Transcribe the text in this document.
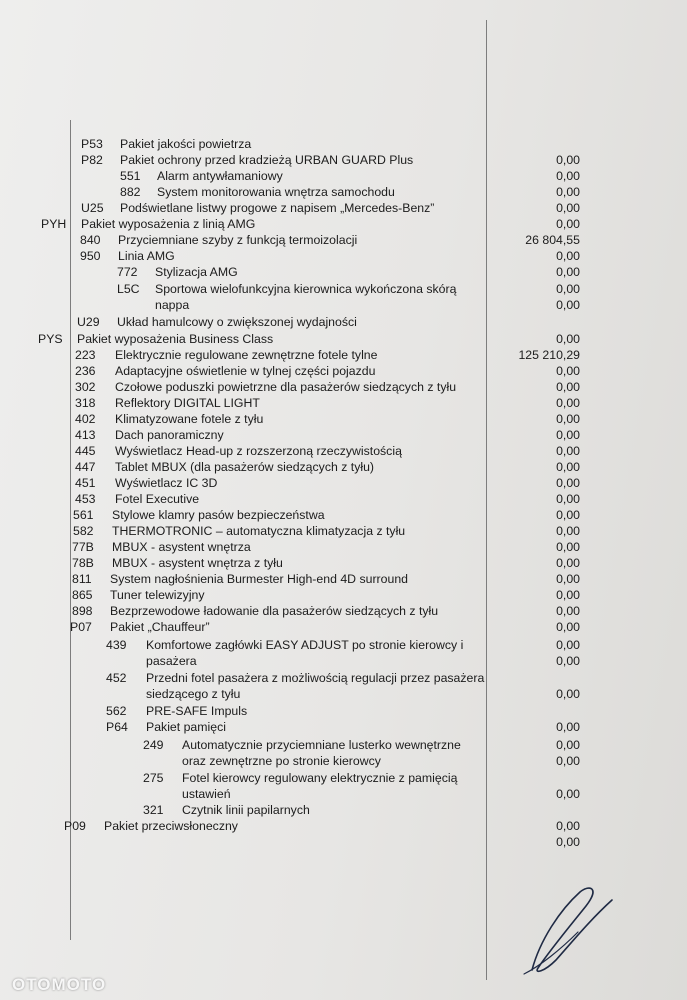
P53 Pakiet jakości powietrza
P82 Pakiet ochrony przed kradzieżą URBAN GUARD Plus	0,00
551 Alarm antywłamaniowy	0,00
882 System monitorowania wnętrza samochodu	0,00
U25 Podświetlane listwy progowe z napisem „Mercedes-Benz”	0,00
PYH Pakiet wyposażenia z linią AMG	0,00
840 Przyciemniane szyby z funkcją termoizolacji	26 804,55
950 Linia AMG	0,00
772 Stylizacja AMG	0,00
L5C Sportowa wielofunkcyjna kierownica wykończona skórą	0,00
nappa	0,00
U29 Układ hamulcowy o zwiększonej wydajności
PYS Pakiet wyposażenia Business Class	0,00
223 Elektrycznie regulowane zewnętrzne fotele tylne	125 210,29
236 Adaptacyjne oświetlenie w tylnej części pojazdu	0,00
302 Czołowe poduszki powietrzne dla pasażerów siedzących z tyłu	0,00
318 Reflektory DIGITAL LIGHT	0,00
402 Klimatyzowane fotele z tyłu	0,00
413 Dach panoramiczny	0,00
445 Wyświetlacz Head-up z rozszerzoną rzeczywistością	0,00
447 Tablet MBUX (dla pasażerów siedzących z tyłu)	0,00
451 Wyświetlacz IC 3D	0,00
453 Fotel Executive	0,00
561 Stylowe klamry pasów bezpieczeństwa	0,00
582 THERMOTRONIC – automatyczna klimatyzacja z tyłu	0,00
77B MBUX - asystent wnętrza	0,00
78B MBUX - asystent wnętrza z tyłu	0,00
811 System nagłośnienia Burmester High-end 4D surround	0,00
865 Tuner telewizyjny	0,00
898 Bezprzewodowe ładowanie dla pasażerów siedzących z tyłu	0,00
P07 Pakiet „Chauffeur”	0,00
439 Komfortowe zagłówki EASY ADJUST po stronie kierowcy i	0,00
pasażera	0,00
452 Przedni fotel pasażera z możliwością regulacji przez pasażera
siedzącego z tyłu	0,00
562 PRE-SAFE Impuls
P64 Pakiet pamięci	0,00
249 Automatycznie przyciemniane lusterko wewnętrzne	0,00
oraz zewnętrzne po stronie kierowcy	0,00
275 Fotel kierowcy regulowany elektrycznie z pamięcią
ustawień	0,00
321 Czytnik linii papilarnych
P09 Pakiet przeciwsłoneczny	0,00
0,00
OTOMOTO
